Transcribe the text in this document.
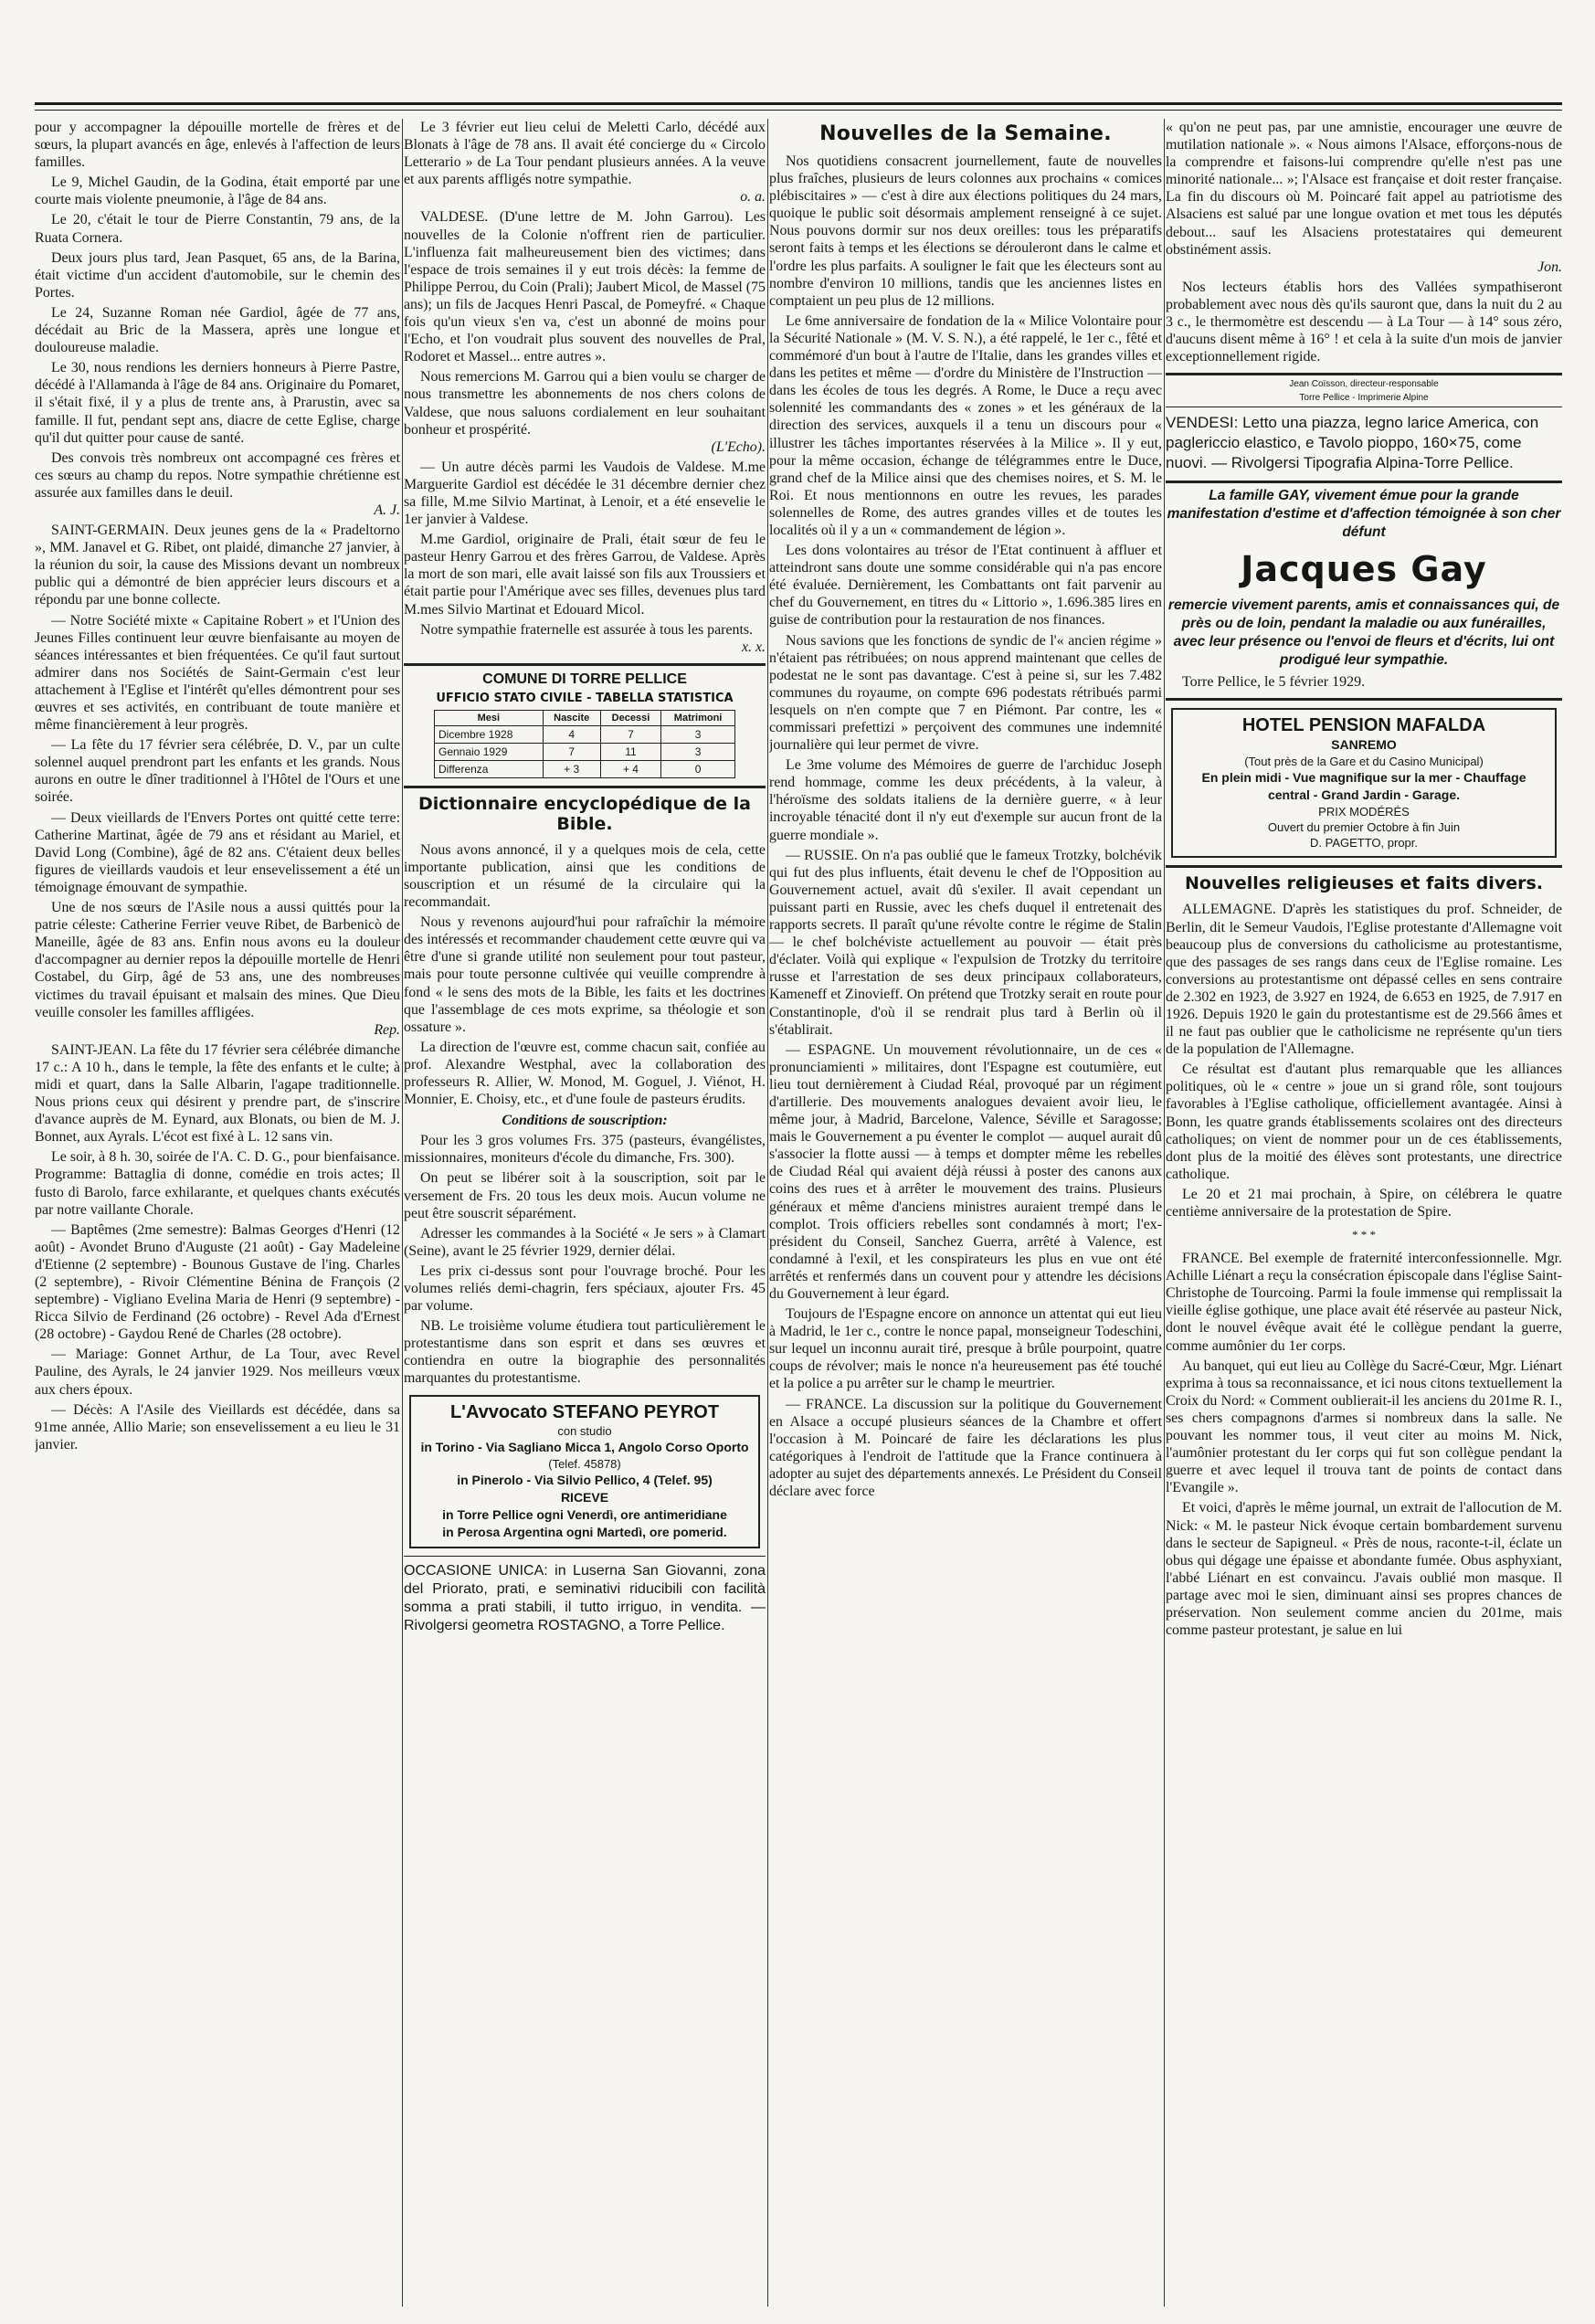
pour y accompagner la dépouille mortelle de frères et de sœurs, la plupart avancés en âge, enlevés à l'affection de leurs familles.

Le 9, Michel Gaudin, de la Godina, était emporté par une courte mais violente pneumonie, à l'âge de 84 ans.

Le 20, c'était le tour de Pierre Constantin, 79 ans, de la Ruata Cornera.

Deux jours plus tard, Jean Pasquet, 65 ans, de la Barina, était victime d'un accident d'automobile, sur le chemin des Portes.

Le 24, Suzanne Roman née Gardiol, âgée de 77 ans, décédait au Bric de la Massera, après une longue et douloureuse maladie.

Le 30, nous rendions les derniers honneurs à Pierre Pastre, décédé à l'Allamanda à l'âge de 84 ans. Originaire du Pomaret, il s'était fixé, il y a plus de trente ans, à Prarustin, avec sa famille. Il fut, pendant sept ans, diacre de cette Eglise, charge qu'il dut quitter pour cause de santé.

Des convois très nombreux ont accompagné ces frères et ces sœurs au champ du repos. Notre sympathie chrétienne est assurée aux familles dans le deuil.

A. J.

SAINT-GERMAIN. Deux jeunes gens de la « Pradeltorno », MM. Janavel et G. Ribet, ont plaidé, dimanche 27 janvier, à la réunion du soir, la cause des Missions devant un nombreux public qui a démontré de bien apprécier leurs discours et a répondu par une bonne collecte.

— Notre Société mixte « Capitaine Robert » et l'Union des Jeunes Filles continuent leur œuvre bienfaisante au moyen de séances intéressantes et bien fréquentées. Ce qu'il faut surtout admirer dans nos Sociétés de Saint-Germain c'est leur attachement à l'Eglise et l'intérêt qu'elles démontrent pour ses œuvres et ses activités, en contribuant de toute manière et même financièrement à leur progrès.

— La fête du 17 février sera célébrée, D. V., par un culte solennel auquel prendront part les enfants et les grands. Nous aurons en outre le dîner traditionnel à l'Hôtel de l'Ours et une soirée.

— Deux vieillards de l'Envers Portes ont quitté cette terre: Catherine Martinat, âgée de 79 ans et résidant au Mariel, et David Long (Combine), âgé de 82 ans. C'étaient deux belles figures de vieillards vaudois et leur ensevelissement a été un témoignage émouvant de sympathie.

Une de nos sœurs de l'Asile nous a aussi quittés pour la patrie céleste: Catherine Ferrier veuve Ribet, de Barbenicò de Maneille, âgée de 83 ans. Enfin nous avons eu la douleur d'accompagner au dernier repos la dépouille mortelle de Henri Costabel, du Girp, âgé de 53 ans, une des nombreuses victimes du travail épuisant et malsain des mines. Que Dieu veuille consoler les familles affligées.

Rep.

SAINT-JEAN. La fête du 17 février sera célébrée dimanche 17 c.: A 10 h., dans le temple, la fête des enfants et le culte; à midi et quart, dans la Salle Albarin, l'agape traditionnelle. Nous prions ceux qui désirent y prendre part, de s'inscrire d'avance auprès de M. Eynard, aux Blonats, ou bien de M. J. Bonnet, aux Ayrals. L'écot est fixé à L. 12 sans vin.

Le soir, à 8 h. 30, soirée de l'A. C. D. G., pour bienfaisance. Programme: Battaglia di donne, comédie en trois actes; Il fusto di Barolo, farce exhilarante, et quelques chants exécutés par notre vaillante Chorale.

— Baptêmes (2me semestre): Balmas Georges d'Henri (12 août) - Avondet Bruno d'Auguste (21 août) - Gay Madeleine d'Etienne (2 septembre) - Bounous Gustave de l'ing. Charles (2 septembre), - Rivoir Clémentine Bénina de François (2 septembre) - Vigliano Evelina Maria de Henri (9 septembre) - Ricca Silvio de Ferdinand (26 octobre) - Revel Ada d'Ernest (28 octobre) - Gaydou René de Charles (28 octobre).

— Mariage: Gonnet Arthur, de La Tour, avec Revel Pauline, des Ayrals, le 24 janvier 1929. Nos meilleurs vœux aux chers époux.

— Décès: A l'Asile des Vieillards est décédée, dans sa 91me année, Allio Marie; son ensevelissement a eu lieu le 31 janvier.

Le 3 février eut lieu celui de Meletti Carlo, décédé aux Blonats à l'âge de 78 ans. Il avait été concierge du « Circolo Letterario » de La Tour pendant plusieurs années. A la veuve et aux parents affligés notre sympathie.

o. a.

VALDESE. (D'une lettre de M. John Garrou). Les nouvelles de la Colonie n'offrent rien de particulier. L'influenza fait malheureusement bien des victimes; dans l'espace de trois semaines il y eut trois décès: la femme de Philippe Perrou, du Coin (Prali); Jaubert Micol, de Massel (75 ans); un fils de Jacques Henri Pascal, de Pomeyfré. « Chaque fois qu'un vieux s'en va, c'est un abonné de moins pour l'Echo, et l'on voudrait plus souvent des nouvelles de Pral, Rodoret et Massel... entre autres ».

Nous remercions M. Garrou qui a bien voulu se charger de nous transmettre les abonnements de nos chers colons de Valdese, que nous saluons cordialement en leur souhaitant bonheur et prospérité.

(L'Echo).

— Un autre décès parmi les Vaudois de Valdese. M.me Marguerite Gardiol est décédée le 31 décembre dernier chez sa fille, M.me Silvio Martinat, à Lenoir, et a été ensevelie le 1er janvier à Valdese.

M.me Gardiol, originaire de Prali, était sœur de feu le pasteur Henry Garrou et des frères Garrou, de Valdese. Après la mort de son mari, elle avait laissé son fils aux Troussiers et était partie pour l'Amérique avec ses filles, devenues plus tard M.mes Silvio Martinat et Edouard Micol.

Notre sympathie fraternelle est assurée à tous les parents.

x. x.

COMUNE DI TORRE PELLICE
UFFICIO STATO CIVILE - TABELLA STATISTICA
Mesi	Nascite	Decessi	Matrimoni
Dicembre 1928	4	7	3
Gennaio 1929	7	11	3
Differenza	+ 3	+ 4	0
Dictionnaire encyclopédique de la Bible.

Nous avons annoncé, il y a quelques mois de cela, cette importante publication, ainsi que les conditions de souscription et un résumé de la circulaire qui la recommandait.

Nous y revenons aujourd'hui pour rafraîchir la mémoire des intéressés et recommander chaudement cette œuvre qui va être d'une si grande utilité non seulement pour tout pasteur, mais pour toute personne cultivée qui veuille comprendre à fond « le sens des mots de la Bible, les faits et les doctrines que l'assemblage de ces mots exprime, sa théologie et son ossature ».

La direction de l'œuvre est, comme chacun sait, confiée au prof. Alexandre Westphal, avec la collaboration des professeurs R. Allier, W. Monod, M. Goguel, J. Viénot, H. Monnier, E. Choisy, etc., et d'une foule de pasteurs érudits.

Conditions de souscription:

Pour les 3 gros volumes Frs. 375 (pasteurs, évangélistes, missionnaires, moniteurs d'école du dimanche, Frs. 300).

On peut se libérer soit à la souscription, soit par le versement de Frs. 20 tous les deux mois. Aucun volume ne peut être souscrit séparément.

Adresser les commandes à la Société « Je sers » à Clamart (Seine), avant le 25 février 1929, dernier délai.

Les prix ci-dessus sont pour l'ouvrage broché. Pour les volumes reliés demi-chagrin, fers spéciaux, ajouter Frs. 45 par volume.

NB. Le troisième volume étudiera tout particulièrement le protestantisme dans son esprit et dans ses œuvres et contiendra en outre la biographie des personnalités marquantes du protestantisme.

L'Avvocato STEFANO PEYROT
con studio
in Torino - Via Sagliano Micca 1, Angolo Corso Oporto
(Telef. 45878)
in Pinerolo - Via Silvio Pellico, 4 (Telef. 95)
RICEVE
in Torre Pellice ogni Venerdì, ore antimeridiane
in Perosa Argentina ogni Martedì, ore pomerid.

OCCASIONE UNICA: in Luserna San Giovanni, zona del Priorato, prati, e seminativi riducibili con facilità somma a prati stabili, il tutto irriguo, in vendita. — Rivolgersi geometra ROSTAGNO, a Torre Pellice.

Nouvelles de la Semaine.

Nos quotidiens consacrent journellement, faute de nouvelles plus fraîches, plusieurs de leurs colonnes aux prochains « comices plébiscitaires » — c'est à dire aux élections politiques du 24 mars, quoique le public soit désormais amplement renseigné à ce sujet. Nous pouvons dormir sur nos deux oreilles: tous les préparatifs seront faits à temps et les élections se dérouleront dans le calme et l'ordre les plus parfaits. A souligner le fait que les électeurs sont au nombre d'environ 10 millions, tandis que les anciennes listes en comptaient un peu plus de 12 millions.

Le 6me anniversaire de fondation de la « Milice Volontaire pour la Sécurité Nationale » (M. V. S. N.), a été rappelé, le 1er c., fêté et commémoré d'un bout à l'autre de l'Italie, dans les grandes villes et dans les petites et même — d'ordre du Ministère de l'Instruction — dans les écoles de tous les degrés. A Rome, le Duce a reçu avec solennité les commandants des « zones » et les généraux de la direction des services, auxquels il a tenu un discours pour « illustrer les tâches importantes réservées à la Milice ». Il y eut, pour la même occasion, échange de télégrammes entre le Duce, grand chef de la Milice ainsi que des chemises noires, et S. M. le Roi. Et nous mentionnons en outre les revues, les parades solennelles de Rome, des autres grandes villes et de toutes les localités où il y a un « commandement de légion ».

Les dons volontaires au trésor de l'Etat continuent à affluer et atteindront sans doute une somme considérable qui n'a pas encore été évaluée. Dernièrement, les Combattants ont fait parvenir au chef du Gouvernement, en titres du « Littorio », 1.696.385 lires en guise de contribution pour la restauration de nos finances.

Nous savions que les fonctions de syndic de l'« ancien régime » n'étaient pas rétribuées; on nous apprend maintenant que celles de podestat ne le sont pas davantage. C'est à peine si, sur les 7.482 communes du royaume, on compte 696 podestats rétribués parmi lesquels on n'en compte que 7 en Piémont. Par contre, les « commissari prefettizi » perçoivent des communes une indemnité journalière qui leur permet de vivre.

Le 3me volume des Mémoires de guerre de l'archiduc Joseph rend hommage, comme les deux précédents, à la valeur, à l'héroïsme des soldats italiens de la dernière guerre, « à leur incroyable ténacité dont il n'y eut d'exemple sur aucun front de la guerre mondiale ».

— RUSSIE. On n'a pas oublié que le fameux Trotzky, bolchévik qui fut des plus influents, était devenu le chef de l'Opposition au Gouvernement actuel, avait dû s'exiler. Il avait cependant un puissant parti en Russie, avec les chefs duquel il entretenait des rapports secrets. Il paraît qu'une révolte contre le régime de Stalin — le chef bolchéviste actuellement au pouvoir — était près d'éclater. Voilà qui explique « l'expulsion de Trotzky du territoire russe et l'arrestation de ses deux principaux collaborateurs, Kameneff et Zinovieff. On prétend que Trotzky serait en route pour Constantinople, d'où il se rendrait plus tard à Berlin où il s'établirait.

— ESPAGNE. Un mouvement révolutionnaire, un de ces « pronunciamienti » militaires, dont l'Espagne est coutumière, eut lieu tout dernièrement à Ciudad Réal, provoqué par un régiment d'artillerie. Des mouvements analogues devaient avoir lieu, le même jour, à Madrid, Barcelone, Valence, Séville et Saragosse; mais le Gouvernement a pu éventer le complot — auquel aurait dû s'associer la flotte aussi — à temps et dompter même les rebelles de Ciudad Réal qui avaient déjà réussi à poster des canons aux coins des rues et à arrêter le mouvement des trains. Plusieurs généraux et même d'anciens ministres auraient trempé dans le complot. Trois officiers rebelles sont condamnés à mort; l'ex-président du Conseil, Sanchez Guerra, arrêté à Valence, est condamné à l'exil, et les conspirateurs les plus en vue ont été arrêtés et renfermés dans un couvent pour y attendre les décisions du Gouvernement à leur égard.

Toujours de l'Espagne encore on annonce un attentat qui eut lieu à Madrid, le 1er c., contre le nonce papal, monseigneur Todeschini, sur lequel un inconnu aurait tiré, presque à brûle pourpoint, quatre coups de révolver; mais le nonce n'a heureusement pas été touché et la police a pu arrêter sur le champ le meurtrier.

— FRANCE. La discussion sur la politique du Gouvernement en Alsace a occupé plusieurs séances de la Chambre et offert l'occasion à M. Poincaré de faire les déclarations les plus catégoriques à l'endroit de l'attitude que la France continuera à adopter au sujet des départements annexés. Le Président du Conseil déclare avec force

« qu'on ne peut pas, par une amnistie, encourager une œuvre de mutilation nationale ». « Nous aimons l'Alsace, efforçons-nous de la comprendre et faisons-lui comprendre qu'elle n'est pas une minorité nationale... »; l'Alsace est française et doit rester française. La fin du discours où M. Poincaré fait appel au patriotisme des Alsaciens est salué par une longue ovation et met tous les députés debout... sauf les Alsaciens protestataires qui demeurent obstinément assis.

Jon.

Nos lecteurs établis hors des Vallées sympathiseront probablement avec nous dès qu'ils sauront que, dans la nuit du 2 au 3 c., le thermomètre est descendu — à La Tour — à 14° sous zéro, d'aucuns disent même à 16° ! et cela à la suite d'un mois de janvier exceptionnellement rigide.

Jean Coïsson, directeur-responsable
Torre Pellice - Imprimerie Alpine

VENDESI: Letto una piazza, legno larice America, con paglericcio elastico, e Tavolo pioppo, 160×75, come nuovi. — Rivolgersi Tipografia Alpina-Torre Pellice.

La famille GAY, vivement émue pour la grande manifestation d'estime et d'affection témoignée à son cher défunt
Jacques Gay
remercie vivement parents, amis et connaissances qui, de près ou de loin, pendant la maladie ou aux funérailles, avec leur présence ou l'envoi de fleurs et d'écrits, lui ont prodigué leur sympathie.

Torre Pellice, le 5 février 1929.

HOTEL PENSION MAFALDA
SANREMO
(Tout près de la Gare et du Casino Municipal)
En plein midi - Vue magnifique sur la mer - Chauffage central - Grand Jardin - Garage.
PRIX MODÉRÉS
Ouvert du premier Octobre à fin Juin
D. PAGETTO, propr.
Nouvelles religieuses et faits divers.

ALLEMAGNE. D'après les statistiques du prof. Schneider, de Berlin, dit le Semeur Vaudois, l'Eglise protestante d'Allemagne voit beaucoup plus de conversions du catholicisme au protestantisme, que des passages de ses rangs dans ceux de l'Eglise romaine. Les conversions au protestantisme ont dépassé celles en sens contraire de 2.302 en 1923, de 3.927 en 1924, de 6.653 en 1925, de 7.917 en 1926. Depuis 1920 le gain du protestantisme est de 29.566 âmes et il ne faut pas oublier que le catholicisme ne représente qu'un tiers de la population de l'Allemagne.

Ce résultat est d'autant plus remarquable que les alliances politiques, où le « centre » joue un si grand rôle, sont toujours favorables à l'Eglise catholique, officiellement avantagée. Ainsi à Bonn, les quatre grands établissements scolaires ont des directeurs catholiques; on vient de nommer pour un de ces établissements, dont plus de la moitié des élèves sont protestants, une directrice catholique.

Le 20 et 21 mai prochain, à Spire, on célébrera le quatre centième anniversaire de la protestation de Spire.

* * *

FRANCE. Bel exemple de fraternité interconfessionnelle. Mgr. Achille Liénart a reçu la consécration épiscopale dans l'église Saint-Christophe de Tourcoing. Parmi la foule immense qui remplissait la vieille église gothique, une place avait été réservée au pasteur Nick, dont le nouvel évêque avait été le collègue pendant la guerre, comme aumônier du 1er corps.

Au banquet, qui eut lieu au Collège du Sacré-Cœur, Mgr. Liénart exprima à tous sa reconnaissance, et ici nous citons textuellement la Croix du Nord: « Comment oublierait-il les anciens du 201me R. I., ses chers compagnons d'armes si nombreux dans la salle. Ne pouvant les nommer tous, il veut citer au moins M. Nick, l'aumônier protestant du Ier corps qui fut son collègue pendant la guerre et avec lequel il trouva tant de points de contact dans l'Evangile ».

Et voici, d'après le même journal, un extrait de l'allocution de M. Nick: « M. le pasteur Nick évoque certain bombardement survenu dans le secteur de Sapigneul. « Près de nous, raconte-t-il, éclate un obus qui dégage une épaisse et abondante fumée. Obus asphyxiant, l'abbé Liénart en est convaincu. J'avais oublié mon masque. Il partage avec moi le sien, diminuant ainsi ses propres chances de préservation. Non seulement comme ancien du 201me, mais comme pasteur protestant, je salue en lui
